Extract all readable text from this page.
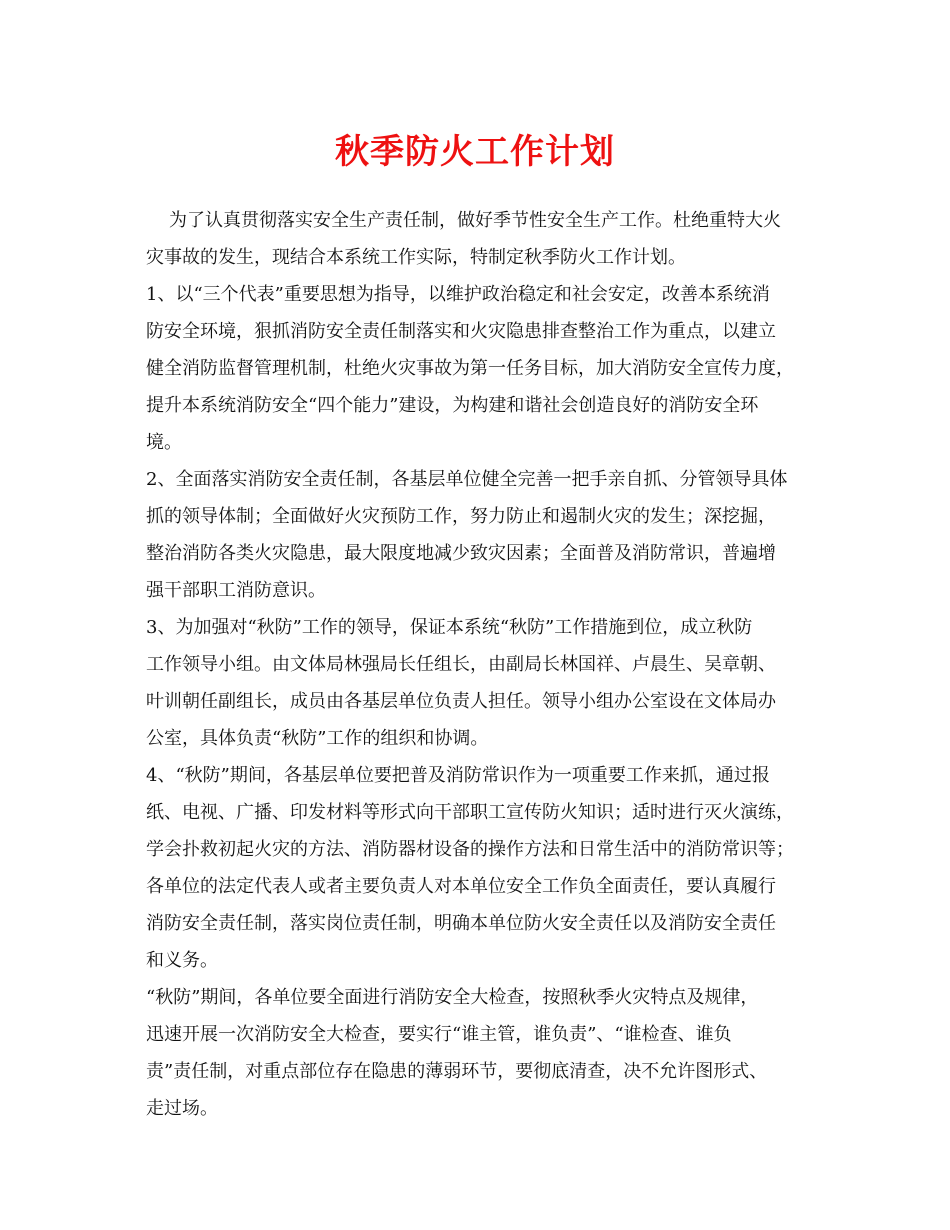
秋季防火工作计划
为了认真贯彻落实安全生产责任制，做好季节性安全生产工作。杜绝重特大火
灾事故的发生，现结合本系统工作实际，特制定秋季防火工作计划。
1、以“三个代表”重要思想为指导，以维护政治稳定和社会安定，改善本系统消
防安全环境，狠抓消防安全责任制落实和火灾隐患排查整治工作为重点，以建立
健全消防监督管理机制，杜绝火灾事故为第一任务目标，加大消防安全宣传力度，
提升本系统消防安全“四个能力”建设，为构建和谐社会创造良好的消防安全环
境。
2、全面落实消防安全责任制，各基层单位健全完善一把手亲自抓、分管领导具体
抓的领导体制；全面做好火灾预防工作，努力防止和遏制火灾的发生；深挖掘，
整治消防各类火灾隐患，最大限度地减少致灾因素；全面普及消防常识，普遍增
强干部职工消防意识。
3、为加强对“秋防”工作的领导，保证本系统“秋防”工作措施到位，成立秋防
工作领导小组。由文体局林强局长任组长，由副局长林国祥、卢晨生、吴章朝、
叶训朝任副组长，成员由各基层单位负责人担任。领导小组办公室设在文体局办
公室，具体负责“秋防”工作的组织和协调。
4、“秋防”期间，各基层单位要把普及消防常识作为一项重要工作来抓，通过报
纸、电视、广播、印发材料等形式向干部职工宣传防火知识；适时进行灭火演练，
学会扑救初起火灾的方法、消防器材设备的操作方法和日常生活中的消防常识等；
各单位的法定代表人或者主要负责人对本单位安全工作负全面责任，要认真履行
消防安全责任制，落实岗位责任制，明确本单位防火安全责任以及消防安全责任
和义务。
“秋防”期间，各单位要全面进行消防安全大检查，按照秋季火灾特点及规律，
迅速开展一次消防安全大检查，要实行“谁主管，谁负责”、“谁检查、谁负
责”责任制，对重点部位存在隐患的薄弱环节，要彻底清查，决不允许图形式、
走过场。
